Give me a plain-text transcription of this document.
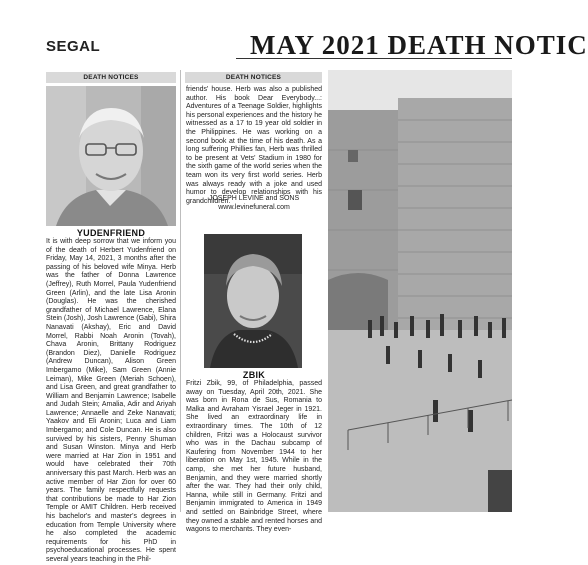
SEGAL	MAY 2021 DEATH NOTIC
DEATH NOTICES	DEATH NOTICES
YUDENFRIEND
It is with deep sorrow that we inform you of the death of Herbert Yudenfriend on Friday, May 14, 2021, 3 months after the passing of his beloved wife Minya. Herb was the father of Donna Lawrence (Jeffrey), Ruth Morrel, Paula Yudenfriend Green (Arlin), and the late Lisa Aronin (Douglas). He was the cherished grandfather of Michael Lawrence, Elana Stein (Josh), Josh Lawrence (Gabi), Shira Nanavati (Akshay), Eric and David Morrel, Rabbi Noah Aronin (Tovah), Chava Aronin, Brittany Rodriguez (Brandon Diez), Danielle Rodriguez (Andrew Duncan), Alison Green Imbergamo (Mike), Sam Green (Annie Leiman), Mike Green (Meriah Schoen), and Lisa Green, and great grandfather to William and Benjamin Lawrence; Isabelle and Judah Stein; Amalia, Adir and Ariyah Lawrence; Annaelle and Zeke Nanavati; Yaakov and Eli Aronin; Luca and Liam Imbergamo; and Cole Duncan. He is also survived by his sisters, Penny Shuman and Susan Winston. Minya and Herb were married at Har Zion in 1951 and would have celebrated their 70th anniversary this past March. Herb was an active member of Har Zion for over 60 years. The family respectfully requests that contributions be made to Har Zion Temple or AMIT Children. Herb received his bachelor's and master's degrees in education from Temple University where he also completed the academic requirements for his PhD in psychoeducational processes. He spent several years teaching in the Phil-
friends' house. Herb was also a published author. His book Dear Everybody...: Adventures of a Teenage Soldier, highlights his personal experiences and the history he witnessed as a 17 to 19 year old soldier in the Philippines. He was working on a second book at the time of his death. As a long suffering Phillies fan, Herb was thrilled to be present at Vets' Stadium in 1980 for the sixth game of the world series when the team won its very first world series. Herb was always ready with a joke and used humor to develop relationships with his grandchildren.
JOSEPH LEVINE and SONS
www.levinefuneral.com
ZBIK
Fritzi Zbik, 99, of Philadelphia, passed away on Tuesday, April 20th, 2021. She was born in Rona de Sus, Romania to Malka and Avraham Yisrael Jeger in 1921. She lived an extraordinary life in extraordinary times. The 10th of 12 children, Fritzi was a Holocaust survivor who was in the Dachau subcamp of Kaufering from November 1944 to her liberation on May 1st, 1945. While in the camp, she met her future husband, Benjamin, and they were married shortly after the war. They had their only child, Hanna, while still in Germany. Fritzi and Benjamin immigrated to America in 1949 and settled on Bainbridge Street, where they owned a stable and rented horses and wagons to merchants. They even-
